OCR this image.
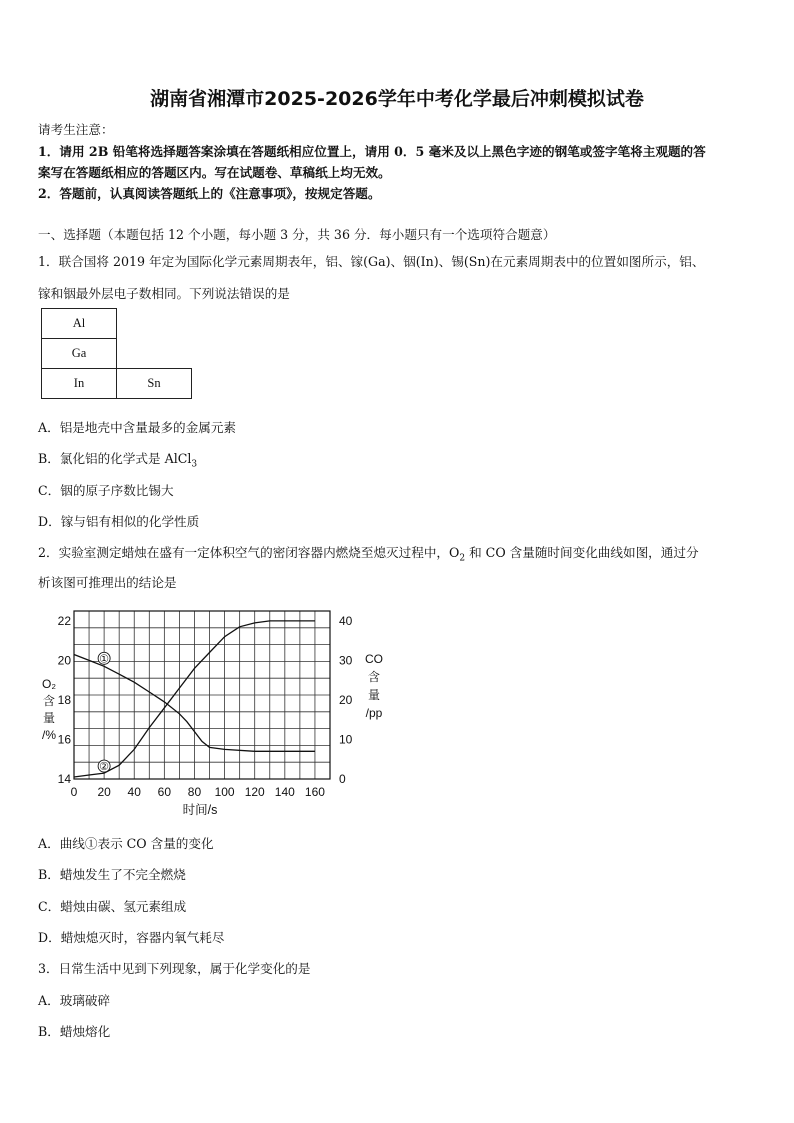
湖南省湘潭市2025-2026学年中考化学最后冲刺模拟试卷
请考生注意：
1．请用 2B 铅笔将选择题答案涂填在答题纸相应位置上，请用 0．5 毫米及以上黑色字迹的钢笔或签字笔将主观题的答
案写在答题纸相应的答题区内。写在试题卷、草稿纸上均无效。
2．答题前，认真阅读答题纸上的《注意事项》，按规定答题。
一、选择题（本题包括 12 个小题，每小题 3 分，共 36 分．每小题只有一个选项符合题意）
1．联合国将 2019 年定为国际化学元素周期表年，铝、镓(Ga)、铟(In)、锡(Sn)在元素周期表中的位置如图所示，铝、
镓和铟最外层电子数相同。下列说法错误的是
Al	
Ga	
In	Sn
A．铝是地壳中含量最多的金属元素
B．氯化铝的化学式是 AlCl$_3$
C．铟的原子序数比锡大
D．镓与铝有相似的化学性质
2．实验室测定蜡烛在盛有一定体积空气的密闭容器内燃烧至熄灭过程中，$O_2$ 和 CO 含量随时间变化曲线如图，通过分
析该图可推理出的结论是
0 20 40 60 80 100 120 140 160
14
16
18
20
22
0
10
20
30
40
时间/s
O₂
含
量
/%
CO
含
量
/pp
①
②
A．曲线①表示 CO 含量的变化
B．蜡烛发生了不完全燃烧
C．蜡烛由碳、氢元素组成
D．蜡烛熄灭时，容器内氧气耗尽
3．日常生活中见到下列现象，属于化学变化的是
A．玻璃破碎
B．蜡烛熔化
